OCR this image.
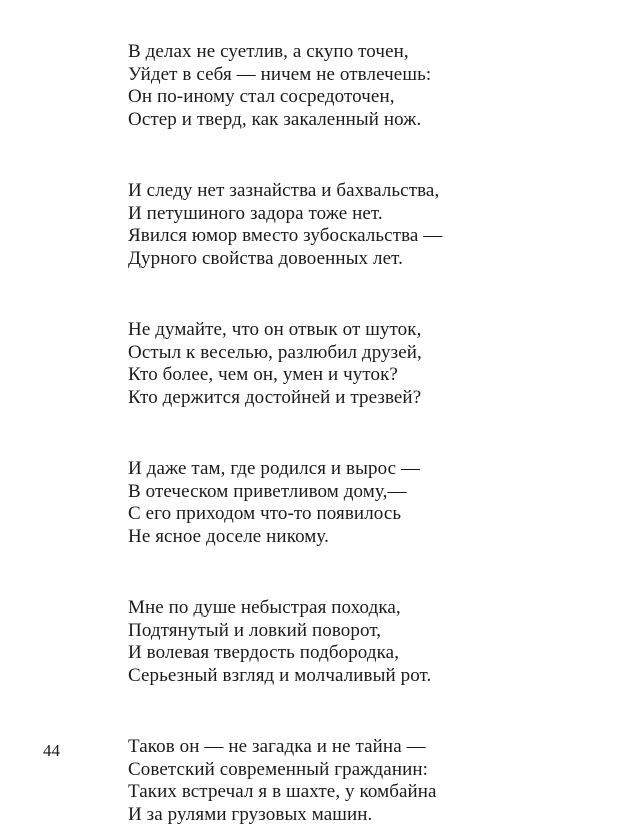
В делах не суетлив, а скупо точен,
Уйдет в себя — ничем не отвлечешь:
Он по-иному стал сосредоточен,
Остер и тверд, как закаленный нож.
И следу нет зазнайства и бахвальства,
И петушиного задора тоже нет.
Явился юмор вместо зубоскальства —
Дурного свойства довоенных лет.
Не думайте, что он отвык от шуток,
Остыл к веселью, разлюбил друзей,
Кто более, чем он, умен и чуток?
Кто держится достойней и трезвей?
И даже там, где родился и вырос —
В отеческом приветливом дому,—
С его приходом что-то появилось
Не ясное доселе никому.
Мне по душе небыстрая походка,
Подтянутый и ловкий поворот,
И волевая твердость подбородка,
Серьезный взгляд и молчаливый рот.
Таков он — не загадка и не тайна —
Советский современный гражданин:
Таких встречал я в шахте, у комбайна
И за рулями грузовых машин.
44
